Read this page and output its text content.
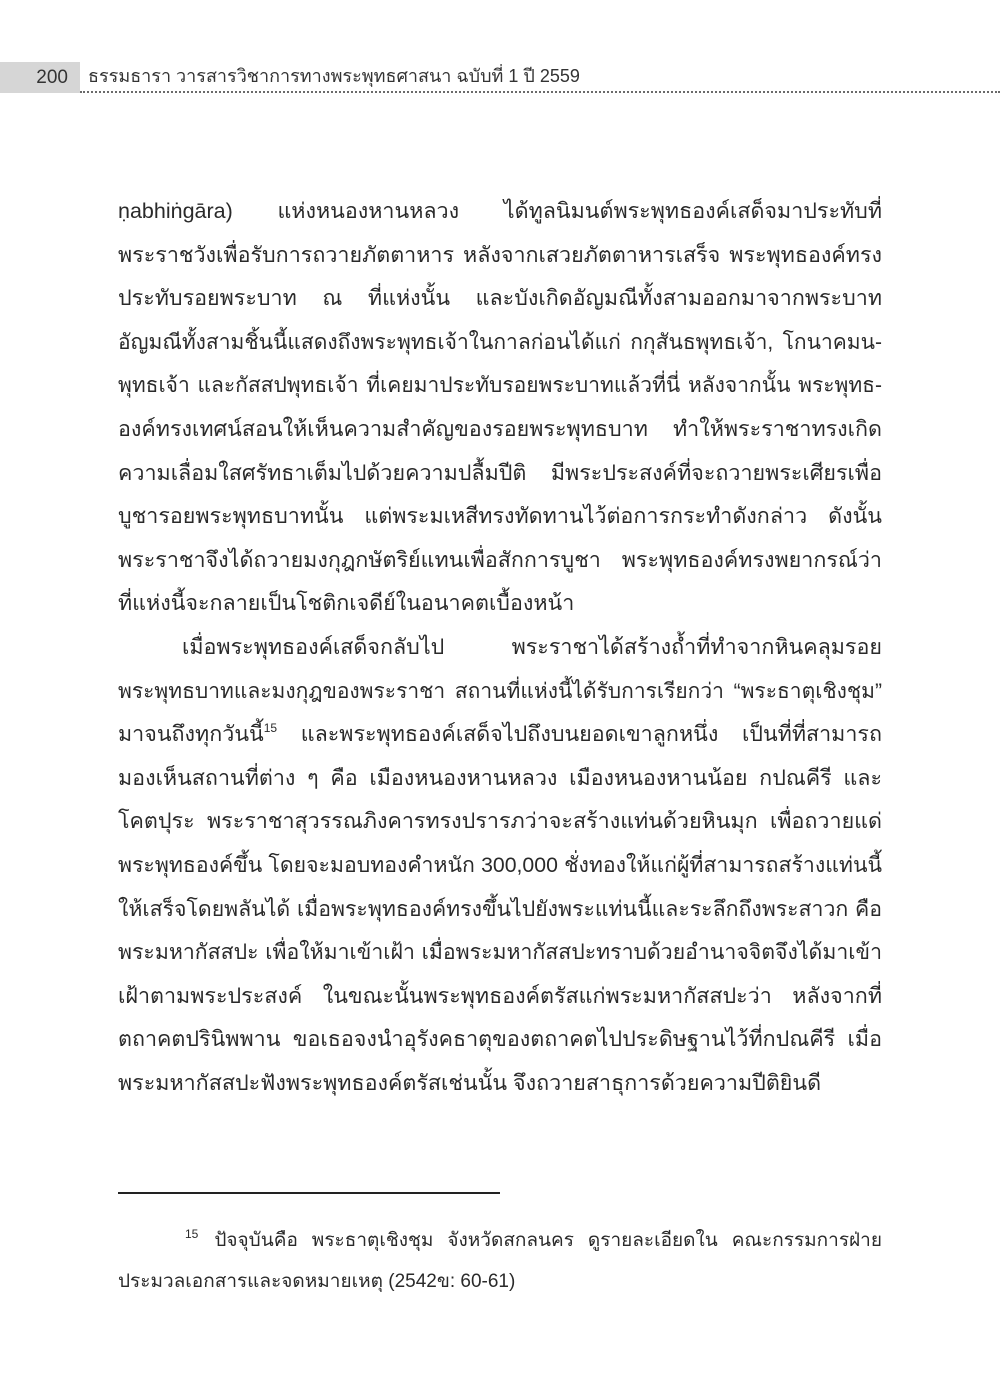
200 ธรรมธารา วารสารวิชาการทางพระพุทธศาสนา ฉบับที่ 1 ปี 2559
ṇabhiṅgāra) แห่งหนองหานหลวง ได้ทูลนิมนต์พระพุทธองค์เสด็จมาประทับที่
พระราชวังเพื่อรับการถวายภัตตาหาร หลังจากเสวยภัตตาหารเสร็จ พระพุทธองค์ทรง
ประทับรอยพระบาท ณ ที่แห่งนั้น และบังเกิดอัญมณีทั้งสามออกมาจากพระบาท
อัญมณีทั้งสามชิ้นนี้แสดงถึงพระพุทธเจ้าในกาลก่อนได้แก่ กกุสันธพุทธเจ้า, โกนาคมน-
พุทธเจ้า และกัสสปพุทธเจ้า ที่เคยมาประทับรอยพระบาทแล้วที่นี่ หลังจากนั้น พระพุทธ-
องค์ทรงเทศน์สอนให้เห็นความสำคัญของรอยพระพุทธบาท ทำให้พระราชาทรงเกิด
ความเลื่อมใสศรัทธาเต็มไปด้วยความปลื้มปีติ มีพระประสงค์ที่จะถวายพระเศียรเพื่อ
บูชารอยพระพุทธบาทนั้น แต่พระมเหสีทรงทัดทานไว้ต่อการกระทำดังกล่าว ดังนั้น
พระราชาจึงได้ถวายมงกุฎกษัตริย์แทนเพื่อสักการบูชา พระพุทธองค์ทรงพยากรณ์ว่า
ที่แห่งนี้จะกลายเป็นโชติกเจดีย์ในอนาคตเบื้องหน้า
เมื่อพระพุทธองค์เสด็จกลับไป พระราชาได้สร้างถ้ำที่ทำจากหินคลุมรอย
พระพุทธบาทและมงกุฎของพระราชา สถานที่แห่งนี้ได้รับการเรียกว่า “พระธาตุเชิงชุม”
มาจนถึงทุกวันนี้$^{15}$ และพระพุทธองค์เสด็จไปถึงบนยอดเขาลูกหนึ่ง เป็นที่ที่สามารถ
มองเห็นสถานที่ต่าง ๆ คือ เมืองหนองหานหลวง เมืองหนองหานน้อย กปณคีรี และ
โคตปุระ พระราชาสุวรรณภิงคารทรงปรารภว่าจะสร้างแท่นด้วยหินมุก เพื่อถวายแด่
พระพุทธองค์ขึ้น โดยจะมอบทองคำหนัก 300,000 ชั่งทองให้แก่ผู้ที่สามารถสร้างแท่นนี้
ให้เสร็จโดยพลันได้ เมื่อพระพุทธองค์ทรงขึ้นไปยังพระแท่นนี้และระลึกถึงพระสาวก คือ
พระมหากัสสปะ เพื่อให้มาเข้าเฝ้า เมื่อพระมหากัสสปะทราบด้วยอำนาจจิตจึงได้มาเข้า
เฝ้าตามพระประสงค์ ในขณะนั้นพระพุทธองค์ตรัสแก่พระมหากัสสปะว่า หลังจากที่
ตถาคตปรินิพพาน ขอเธอจงนำอุรังคธาตุของตถาคตไปประดิษฐานไว้ที่กปณคีรี เมื่อ
พระมหากัสสปะฟังพระพุทธองค์ตรัสเช่นนั้น จึงถวายสาธุการด้วยความปีติยินดี
$^{15}$ ปัจจุบันคือ พระธาตุเชิงชุม จังหวัดสกลนคร ดูรายละเอียดใน คณะกรรมการฝ่าย
ประมวลเอกสารและจดหมายเหตุ (2542ข: 60-61)
